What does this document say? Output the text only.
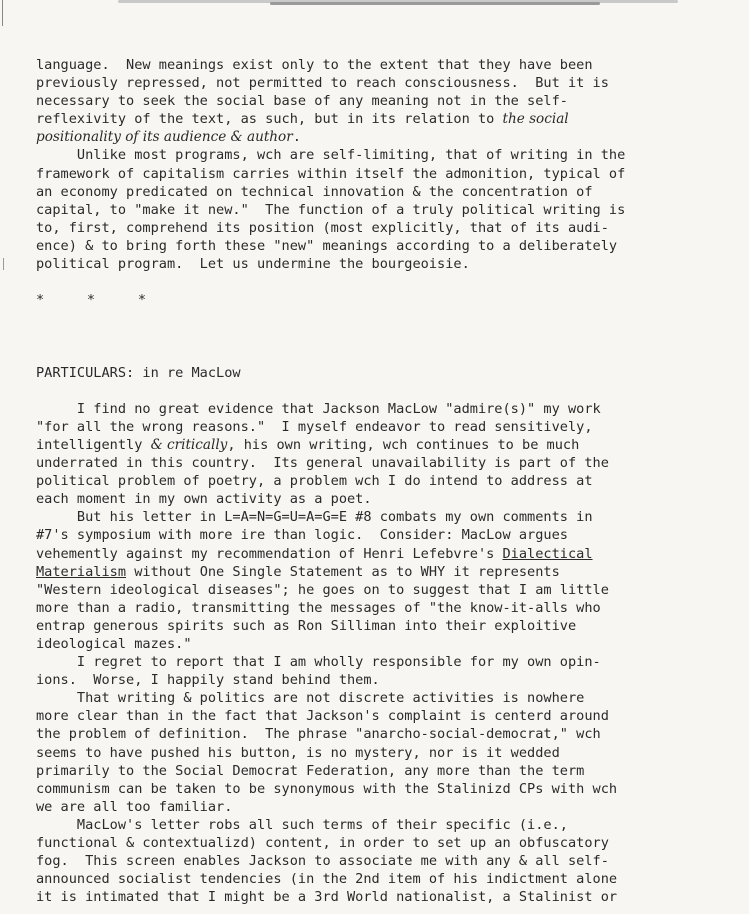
language.  New meanings exist only to the extent that they have been
previously repressed, not permitted to reach consciousness.  But it is
necessary to seek the social base of any meaning not in the self-
reflexivity of the text, as such, but in its relation to the social
positionality of its audience & author.
Unlike most programs, wch are self-limiting, that of writing in the
framework of capitalism carries within itself the admonition, typical of
an economy predicated on technical innovation & the concentration of
capital, to "make it new."  The function of a truly political writing is
to, first, comprehend its position (most explicitly, that of its audi-
ence) & to bring forth these "new" meanings according to a deliberately
political program.  Let us undermine the bourgeoisie.
*    *    *
PARTICULARS: in re MacLow
I find no great evidence that Jackson MacLow "admire(s)" my work
"for all the wrong reasons."  I myself endeavor to read sensitively,
intelligently & critically, his own writing, wch continues to be much
underrated in this country.  Its general unavailability is part of the
political problem of poetry, a problem wch I do intend to address at
each moment in my own activity as a poet.
But his letter in L=A=N=G=U=A=G=E #8 combats my own comments in
#7's symposium with more ire than logic.  Consider: MacLow argues
vehemently against my recommendation of Henri Lefebvre's Dialectical
Materialism without One Single Statement as to WHY it represents
"Western ideological diseases"; he goes on to suggest that I am little
more than a radio, transmitting the messages of "the know-it-alls who
entrap generous spirits such as Ron Silliman into their exploitive
ideological mazes."
I regret to report that I am wholly responsible for my own opin-
ions.  Worse, I happily stand behind them.
That writing & politics are not discrete activities is nowhere
more clear than in the fact that Jackson's complaint is centerd around
the problem of definition.  The phrase "anarcho-social-democrat," wch
seems to have pushed his button, is no mystery, nor is it wedded
primarily to the Social Democrat Federation, any more than the term
communism can be taken to be synonymous with the Stalinizd CPs with wch
we are all too familiar.
MacLow's letter robs all such terms of their specific (i.e.,
functional & contextualizd) content, in order to set up an obfuscatory
fog.  This screen enables Jackson to associate me with any & all self-
announced socialist tendencies (in the 2nd item of his indictment alone
it is intimated that I might be a 3rd World nationalist, a Stalinist or
